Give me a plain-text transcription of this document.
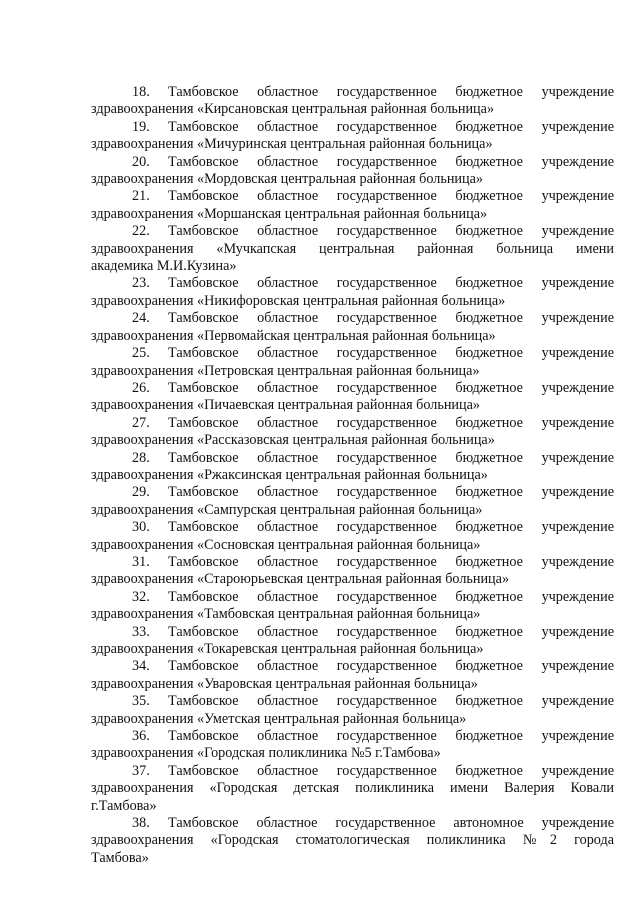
18. Тамбовское областное государственное бюджетное учреждение
здравоохранения «Кирсановская центральная районная больница»
19. Тамбовское областное государственное бюджетное учреждение
здравоохранения «Мичуринская центральная районная больница»
20. Тамбовское областное государственное бюджетное учреждение
здравоохранения «Мордовская центральная районная больница»
21. Тамбовское областное государственное бюджетное учреждение
здравоохранения «Моршанская центральная районная больница»
22. Тамбовское областное государственное бюджетное учреждение
здравоохранения «Мучкапская центральная районная больница имени
академика М.И.Кузина»
23. Тамбовское областное государственное бюджетное учреждение
здравоохранения «Никифоровская центральная районная больница»
24. Тамбовское областное государственное бюджетное учреждение
здравоохранения «Первомайская центральная районная больница»
25. Тамбовское областное государственное бюджетное учреждение
здравоохранения «Петровская центральная районная больница»
26. Тамбовское областное государственное бюджетное учреждение
здравоохранения «Пичаевская центральная районная больница»
27. Тамбовское областное государственное бюджетное учреждение
здравоохранения «Рассказовская центральная районная больница»
28. Тамбовское областное государственное бюджетное учреждение
здравоохранения «Ржаксинская центральная районная больница»
29. Тамбовское областное государственное бюджетное учреждение
здравоохранения «Сампурская центральная районная больница»
30. Тамбовское областное государственное бюджетное учреждение
здравоохранения «Сосновская центральная районная больница»
31. Тамбовское областное государственное бюджетное учреждение
здравоохранения «Староюрьевская центральная районная больница»
32. Тамбовское областное государственное бюджетное учреждение
здравоохранения «Тамбовская центральная районная больница»
33. Тамбовское областное государственное бюджетное учреждение
здравоохранения «Токаревская центральная районная больница»
34. Тамбовское областное государственное бюджетное учреждение
здравоохранения «Уваровская центральная районная больница»
35. Тамбовское областное государственное бюджетное учреждение
здравоохранения «Уметская центральная районная больница»
36. Тамбовское областное государственное бюджетное учреждение
здравоохранения «Городская поликлиника №5 г.Тамбова»
37. Тамбовское областное государственное бюджетное учреждение
здравоохранения «Городская детская поликлиника имени Валерия Ковали
г.Тамбова»
38. Тамбовское областное государственное автономное учреждение
здравоохранения «Городская стоматологическая поликлиника №2 города
Тамбова»
